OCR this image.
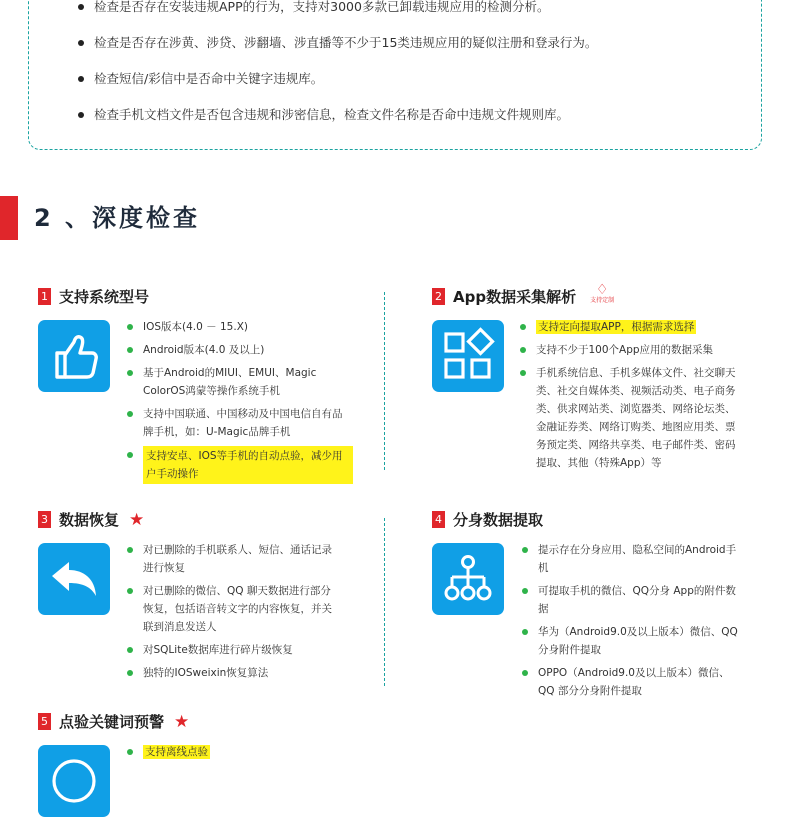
检查是否存在安装违规APP的行为，支持对3000多款已卸载违规应用的检测分析。
检查是否存在涉黄、涉贷、涉翻墙、涉直播等不少于15类违规应用的疑似注册和登录行为。
检查短信/彩信中是否命中关键字违规库。
检查手机文档文件是否包含违规和涉密信息，检查文件名称是否命中违规文件规则库。
2 、深度检查
1 支持系统型号
IOS版本(4.0 － 15.X)
Android版本(4.0 及以上)
基于Android的MIUI、EMUI、Magic ColorOS鸿蒙等操作系统手机
支持中国联通、中国移动及中国电信自有品牌手机，如：U-Magic品牌手机
支持安卓、IOS等手机的自动点验，减少用户手动操作
2 App数据采集解析 ♢
支持定制
支持定向提取APP，根据需求选择
支持不少于100个App应用的数据采集
手机系统信息、手机多媒体文件、社交聊天类、社交自媒体类、视频活动类、电子商务类、供求网站类、浏览器类、网络论坛类、金融证券类、网络订购类、地图应用类、票务预定类、网络共享类、电子邮件类、密码提取、其他（特殊App）等
3 数据恢复 ★
对已删除的手机联系人、短信、通话记录进行恢复
对已删除的微信、QQ 聊天数据进行部分恢复，包括语音转文字的内容恢复，并关联到消息发送人
对SQLite数据库进行碎片级恢复
独特的IOSweixin恢复算法
4 分身数据提取
提示存在分身应用、隐私空间的Android手机
可提取手机的微信、QQ分身 App的附件数据
华为（Android9.0及以上版本）微信、QQ分身附件提取
OPPO（Android9.0及以上版本）微信、QQ 部分分身附件提取
5 点验关键词预警 ★
支持离线点验
